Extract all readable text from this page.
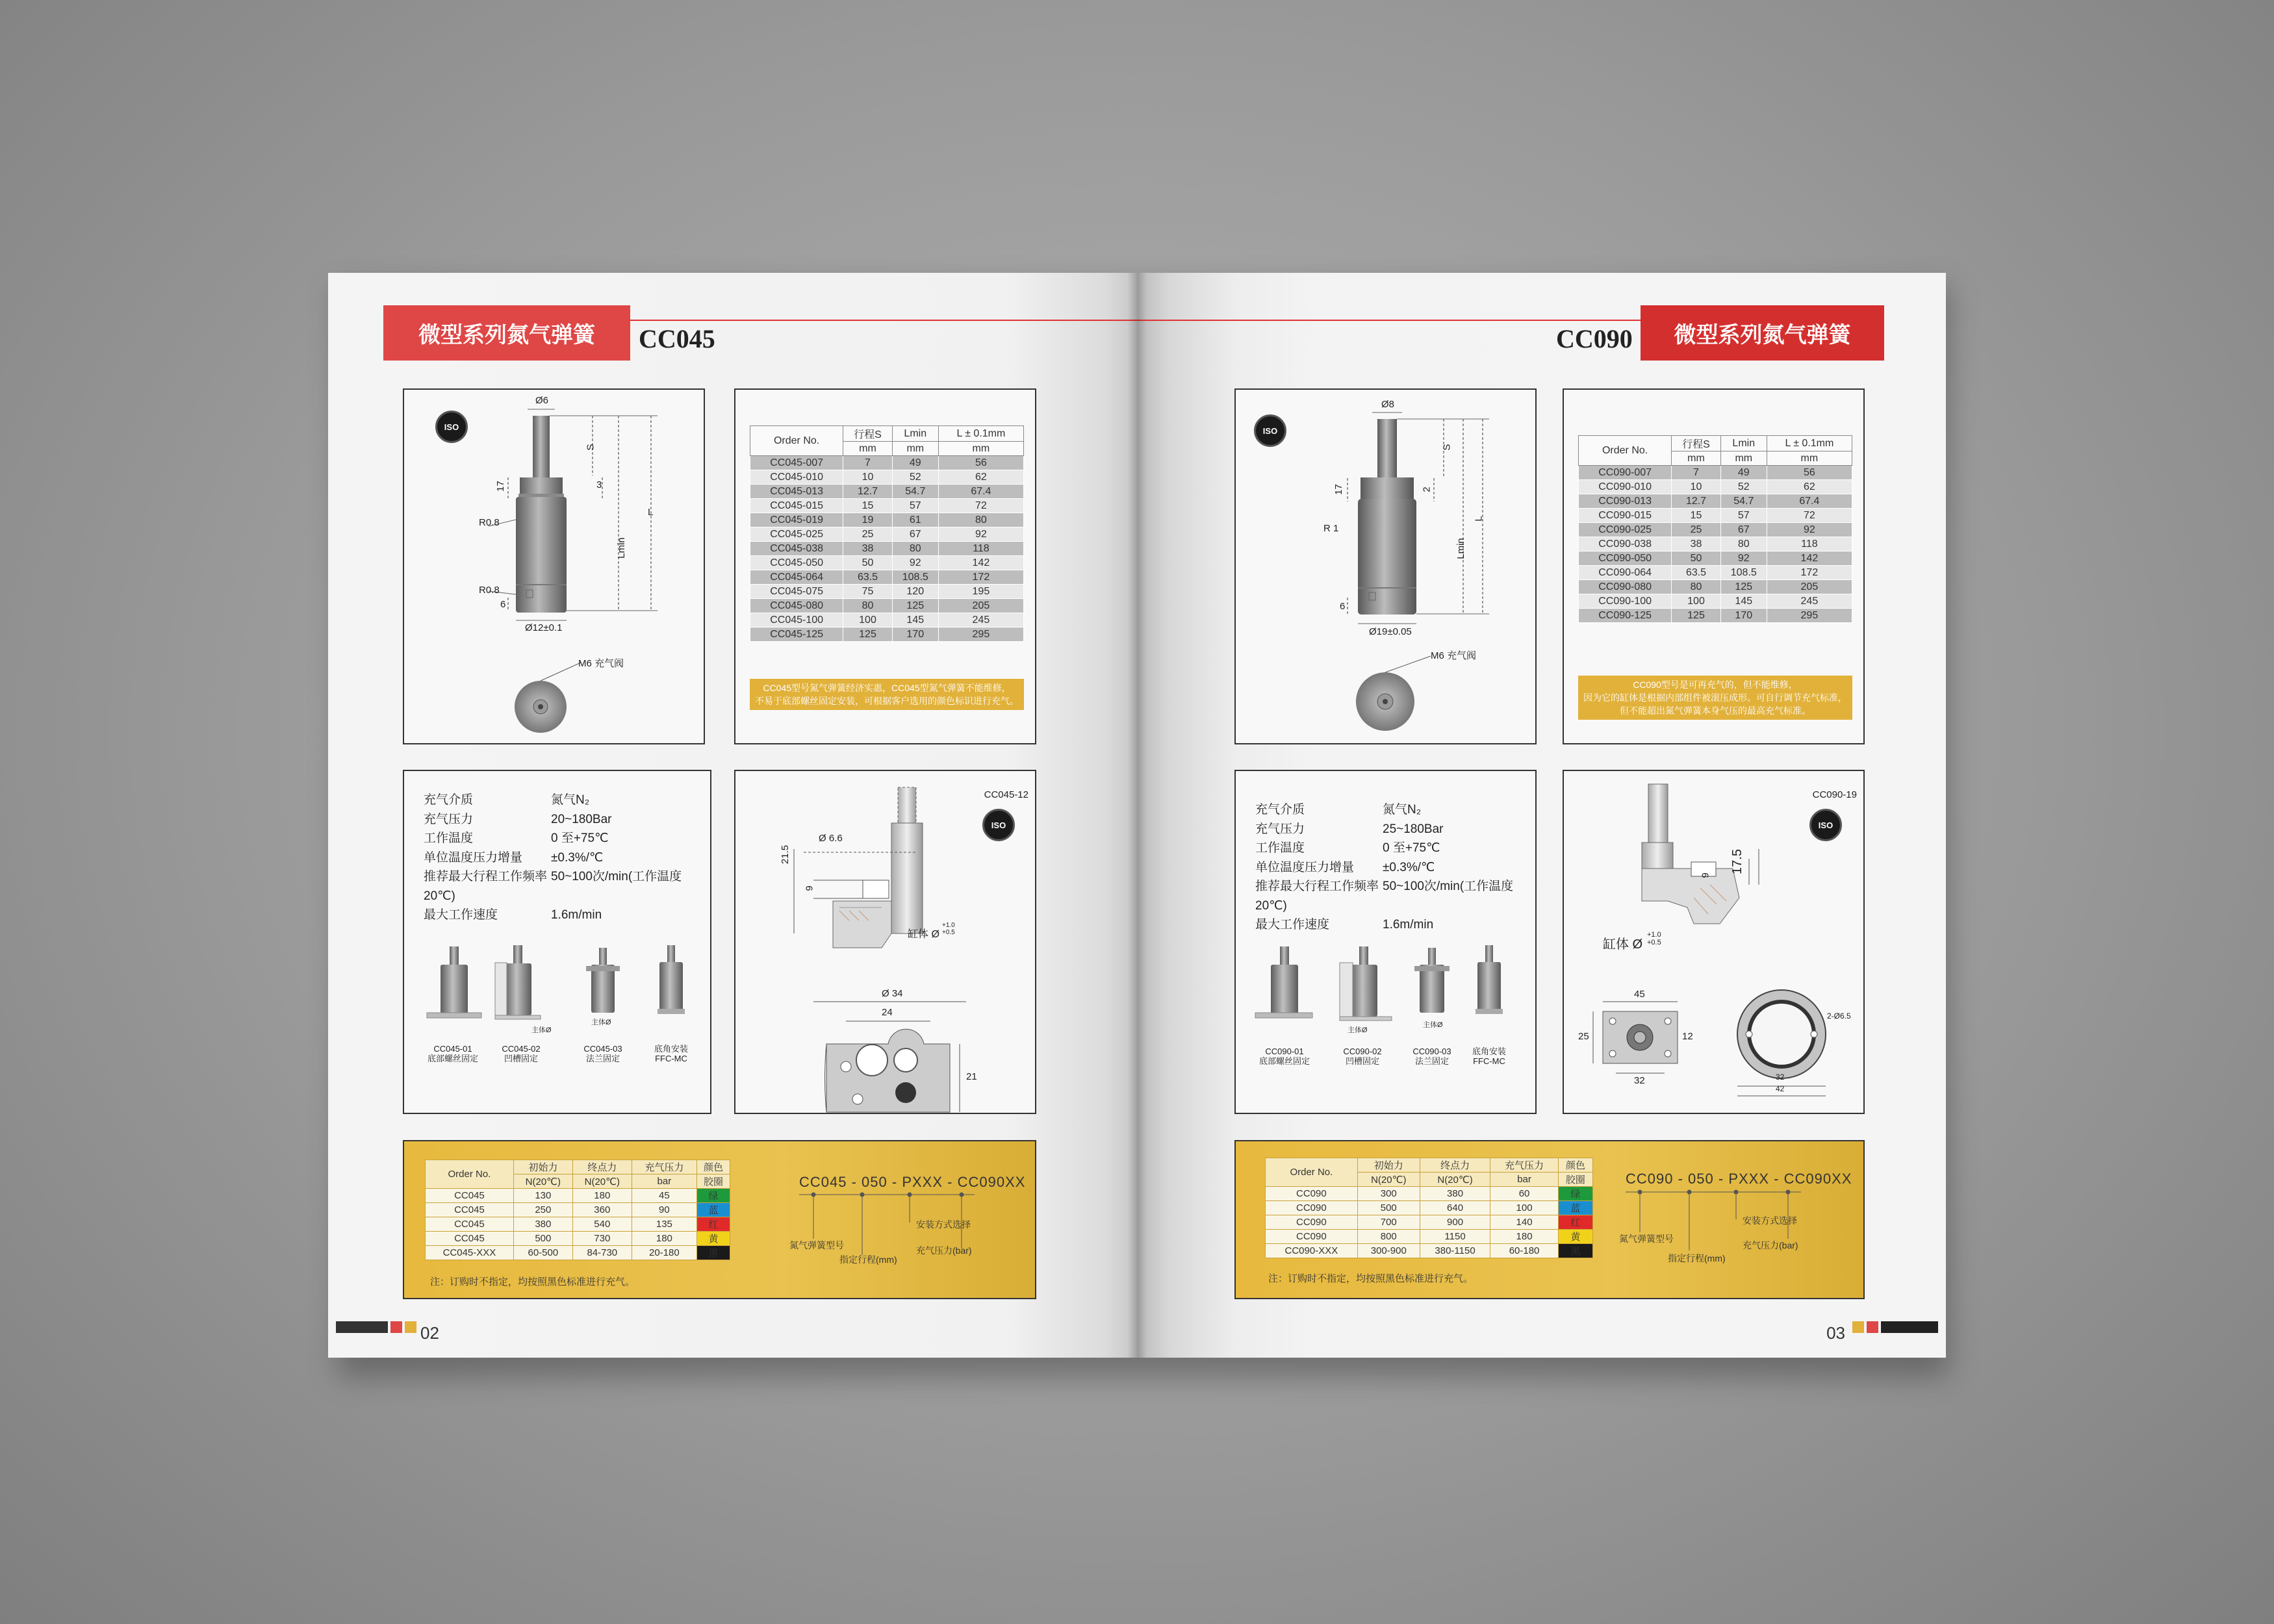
微型系列氮气弹簧	CC045
ISO
Ø6
S
L
Lmin
17	3
R0.8
R0.8
6
Ø12±0.1
M6 充气阀
Order No.	行程S	Lmin	L ± 0.1mm
	mm	mm	mm
CC045-007	7	49	56
CC045-010	10	52	62
CC045-013	12.7	54.7	67.4
CC045-015	15	57	72
CC045-019	19	61	80
CC045-025	25	67	92
CC045-038	38	80	118
CC045-050	50	92	142
CC045-064	63.5	108.5	172
CC045-075	75	120	195
CC045-080	80	125	205
CC045-100	100	145	245
CC045-125	125	170	295
CC045型号氮气弹簧经济实惠，CC045型氮气弹簧不能维修，
不易于底部螺丝固定安装，可根据客户选用的颜色标识进行充气。
充气介质	氮气N₂
充气压力	20~180Bar
工作温度	0 至+75℃
单位温度压力增量 ±0.3%/℃
推荐最大行程工作频率 50~100次/min(工作温度20℃)
最大工作速度	1.6m/min
主体Ø
主体Ø
CC045-01
底部螺丝固定
CC045-02
凹槽固定
CC045-03
法兰固定
底角安装
FFC-MC
CC045-12
ISO
Ø 6.6
21.5
9
缸体 Ø
+1.0 +0.5
Ø 34
24
21
Order No.	初始力	终点力	充气压力	颜色
	N(20℃)	N(20℃)	bar	胶圈
CC045	130	180	45	绿
CC045	250	360	90	蓝
CC045	380	540	135	红
CC045	500	730	180	黄
CC045-XXX	60-500	84-730	20-180	黑
注：订购时不指定，均按照黑色标准进行充气。
CC045 - 050 - PXXX - CC090XX
氮气弹簧型号
指定行程(mm)
安装方式选择
充气压力(bar)
02
微型系列氮气弹簧
CC090
ISO
Ø8
S
L
Lmin
17	2
R 1
6
Ø19±0.05
M6 充气阀
Order No.	行程S	Lmin	L ± 0.1mm
	mm	mm	mm
CC090-007	7	49	56
CC090-010	10	52	62
CC090-013	12.7	54.7	67.4
CC090-015	15	57	72
CC090-025	25	67	92
CC090-038	38	80	118
CC090-050	50	92	142
CC090-064	63.5	108.5	172
CC090-080	80	125	205
CC090-100	100	145	245
CC090-125	125	170	295
CC090型号是可再充气的，但不能维修，
因为它的缸体是根据内部组件被滚压成形。可自行调节充气标准，
但不能超出氮气弹簧本身气压的最高充气标准。
充气介质	氮气N₂
充气压力	25~180Bar
工作温度	0 至+75℃
单位温度压力增量 ±0.3%/℃
推荐最大行程工作频率 50~100次/min(工作温度20℃)
最大工作速度	1.6m/min
主体Ø
主体Ø
CC090-01
底部螺丝固定
CC090-02
凹槽固定
CC090-03
法兰固定
底角安装
FFC-MC
CC090-19
ISO
9
17.5
缸体 Ø
+1.0 +0.5
45
25	12
32
2-Ø6.5
32
42
Order No.	初始力	终点力	充气压力	颜色
	N(20℃)	N(20℃)	bar	胶圈
CC090	300	380	60	绿
CC090	500	640	100	蓝
CC090	700	900	140	红
CC090	800	1150	180	黄
CC090-XXX	300-900	380-1150	60-180	黑
注：订购时不指定，均按照黑色标准进行充气。
CC090 - 050 - PXXX - CC090XX
氮气弹簧型号
指定行程(mm)
安装方式选择
充气压力(bar)
03
